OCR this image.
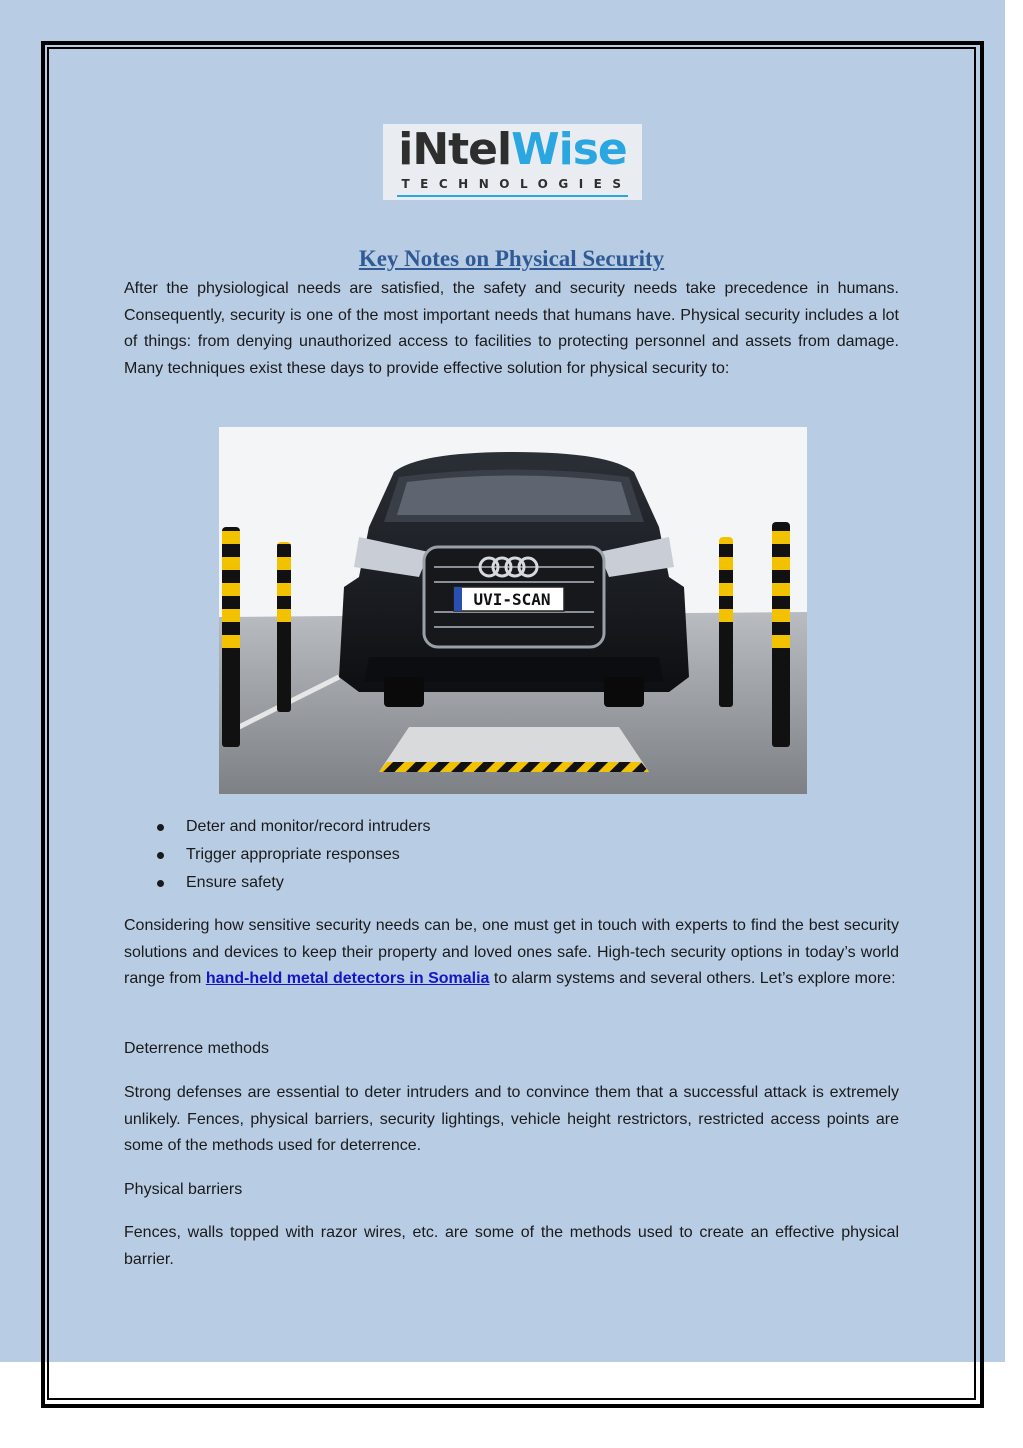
iNtelWise
TECHNOLOGIES
Key Notes on Physical Security
After the physiological needs are satisfied, the safety and security needs take precedence in humans. Consequently, security is one of the most important needs that humans have. Physical security includes a lot of things: from denying unauthorized access to facilities to protecting personnel and assets from damage. Many techniques exist these days to provide effective solution for physical security to:
UVI-SCAN
Deter and monitor/record intruders
Trigger appropriate responses
Ensure safety
Considering how sensitive security needs can be, one must get in touch with experts to find the best security solutions and devices to keep their property and loved ones safe. High-tech security options in today’s world range from hand-held metal detectors in Somalia to alarm systems and several others. Let’s explore more:
Deterrence methods
Strong defenses are essential to deter intruders and to convince them that a successful attack is extremely unlikely. Fences, physical barriers, security lightings, vehicle height restrictors, restricted access points are some of the methods used for deterrence.
Physical barriers
Fences, walls topped with razor wires, etc. are some of the methods used to create an effective physical barrier.
